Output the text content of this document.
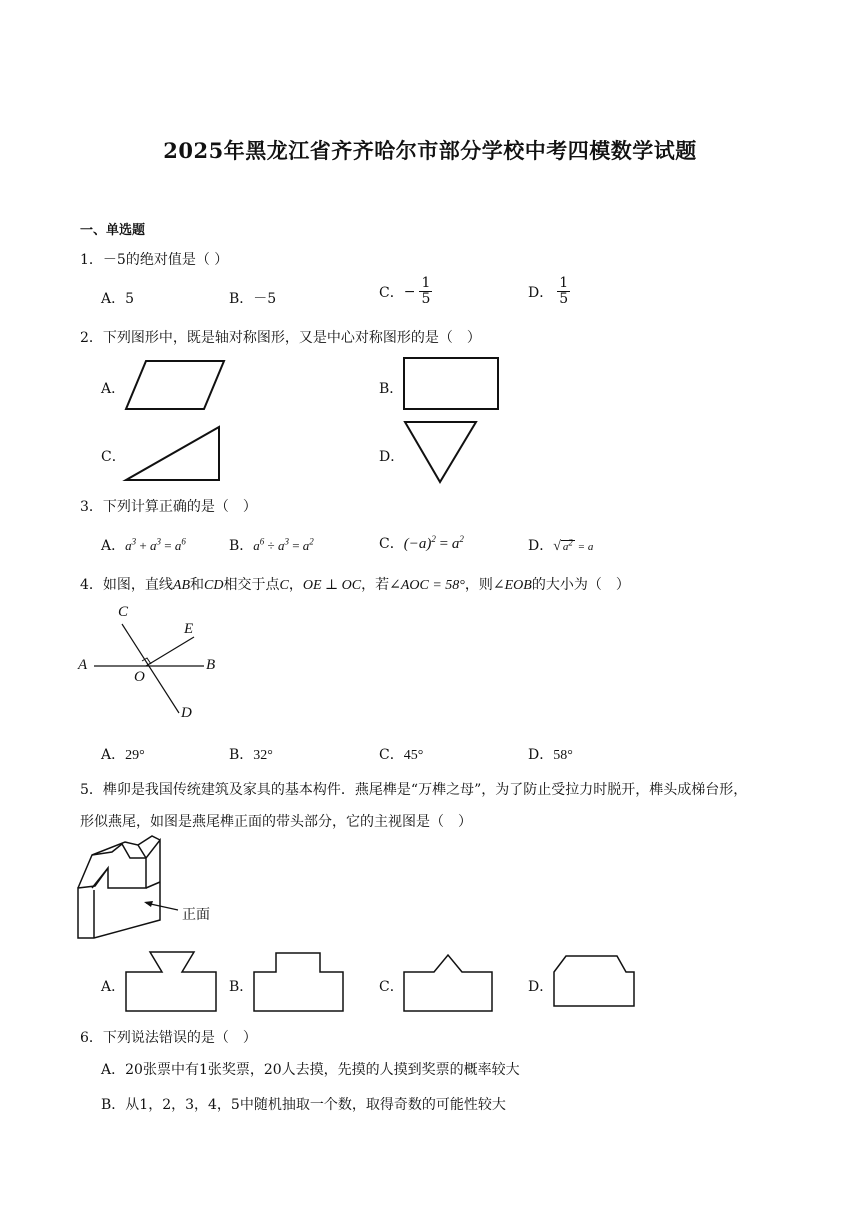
2025年黑龙江省齐齐哈尔市部分学校中考四模数学试题
一、单选题
1．－5的绝对值是（ ）
A．5	B．－5	C．− $\frac{1}{5}$	D． $\frac{1}{5}$
2．下列图形中，既是轴对称图形，又是中心对称图形的是（　）
A．	B．
C．	D．
3．下列计算正确的是（　）
A．$a^3 + a^3 = a^6$	B．$a^6 \div a^3 = a^2$	C．$(-a)^2 = a^2$	D．√ $a^2 = a$
4．如图，直线AB和CD相交于点C，OE ⊥ OC，若∠AOC = 58°，则∠EOB的大小为（　）
A	B
C
D
E
O
A．29°	B．32°	C．45°	D．58°
5．榫卯是我国传统建筑及家具的基本构件．燕尾榫是“万榫之母”，为了防止受拉力时脱开，榫头成梯台形，
形似燕尾，如图是燕尾榫正面的带头部分，它的主视图是（　）
正面
A．	B．	C．	D．
6．下列说法错误的是（　）
A．20张票中有1张奖票，20人去摸，先摸的人摸到奖票的概率较大
B．从1，2，3，4，5中随机抽取一个数，取得奇数的可能性较大
